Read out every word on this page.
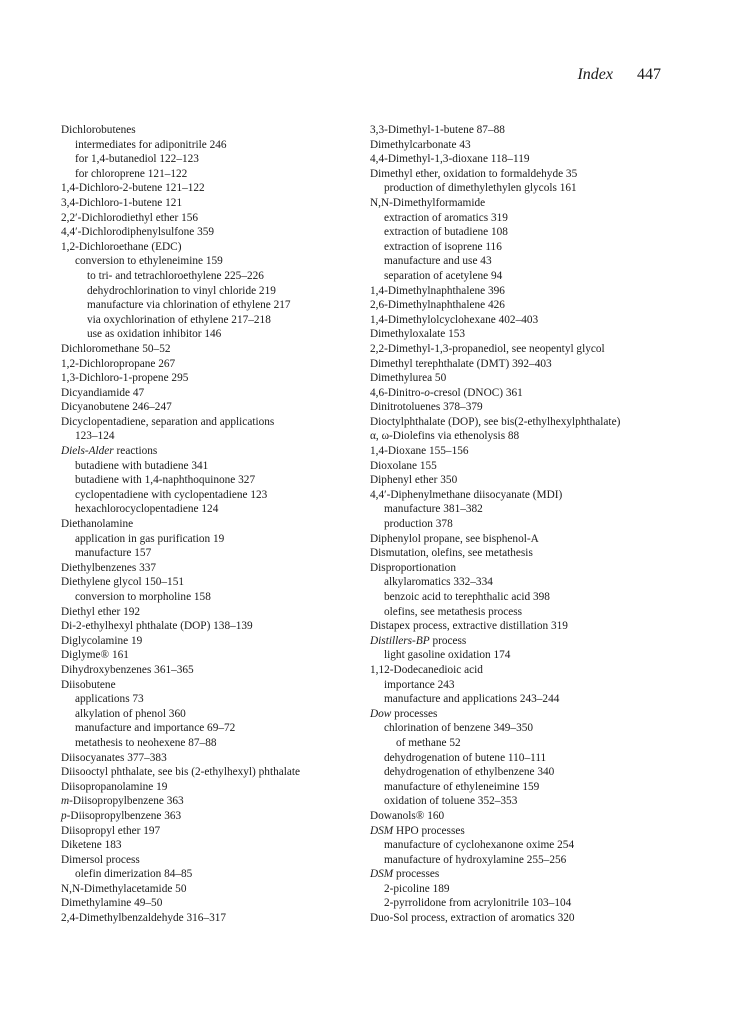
Index 447
Dichlorobutenes
intermediates for adiponitrile 246
for 1,4-butanediol 122–123
for chloroprene 121–122
1,4-Dichloro-2-butene 121–122
3,4-Dichloro-1-butene 121
2,2′-Dichlorodiethyl ether 156
4,4′-Dichlorodiphenylsulfone 359
1,2-Dichloroethane (EDC)
conversion to ethyleneimine 159
to tri- and tetrachloroethylene 225–226
dehydrochlorination to vinyl chloride 219
manufacture via chlorination of ethylene 217
via oxychlorination of ethylene 217–218
use as oxidation inhibitor 146
Dichloromethane 50–52
1,2-Dichloropropane 267
1,3-Dichloro-1-propene 295
Dicyandiamide 47
Dicyanobutene 246–247
Dicyclopentadiene, separation and applications
123–124
Diels-Alder reactions
butadiene with butadiene 341
butadiene with 1,4-naphthoquinone 327
cyclopentadiene with cyclopentadiene 123
hexachlorocyclopentadiene 124
Diethanolamine
application in gas purification 19
manufacture 157
Diethylbenzenes 337
Diethylene glycol 150–151
conversion to morpholine 158
Diethyl ether 192
Di-2-ethylhexyl phthalate (DOP) 138–139
Diglycolamine 19
Diglyme® 161
Dihydroxybenzenes 361–365
Diisobutene
applications 73
alkylation of phenol 360
manufacture and importance 69–72
metathesis to neohexene 87–88
Diisocyanates 377–383
Diisooctyl phthalate, see bis (2-ethylhexyl) phthalate
Diisopropanolamine 19
m-Diisopropylbenzene 363
p-Diisopropylbenzene 363
Diisopropyl ether 197
Diketene 183
Dimersol process
olefin dimerization 84–85
N,N-Dimethylacetamide 50
Dimethylamine 49–50
2,4-Dimethylbenzaldehyde 316–317
3,3-Dimethyl-1-butene 87–88
Dimethylcarbonate 43
4,4-Dimethyl-1,3-dioxane 118–119
Dimethyl ether, oxidation to formaldehyde 35
production of dimethylethylen glycols 161
N,N-Dimethylformamide
extraction of aromatics 319
extraction of butadiene 108
extraction of isoprene 116
manufacture and use 43
separation of acetylene 94
1,4-Dimethylnaphthalene 396
2,6-Dimethylnaphthalene 426
1,4-Dimethylolcyclohexane 402–403
Dimethyloxalate 153
2,2-Dimethyl-1,3-propanediol, see neopentyl glycol
Dimethyl terephthalate (DMT) 392–403
Dimethylurea 50
4,6-Dinitro-o-cresol (DNOC) 361
Dinitrotoluenes 378–379
Dioctylphthalate (DOP), see bis(2-ethylhexylphthalate)
α, ω-Diolefins via ethenolysis 88
1,4-Dioxane 155–156
Dioxolane 155
Diphenyl ether 350
4,4′-Diphenylmethane diisocyanate (MDI)
manufacture 381–382
production 378
Diphenylol propane, see bisphenol-A
Dismutation, olefins, see metathesis
Disproportionation
alkylaromatics 332–334
benzoic acid to terephthalic acid 398
olefins, see metathesis process
Distapex process, extractive distillation 319
Distillers-BP process
light gasoline oxidation 174
1,12-Dodecanedioic acid
importance 243
manufacture and applications 243–244
Dow processes
chlorination of benzene 349–350
of methane 52
dehydrogenation of butene 110–111
dehydrogenation of ethylbenzene 340
manufacture of ethyleneimine 159
oxidation of toluene 352–353
Dowanols® 160
DSM HPO processes
manufacture of cyclohexanone oxime 254
manufacture of hydroxylamine 255–256
DSM processes
2-picoline 189
2-pyrrolidone from acrylonitrile 103–104
Duo-Sol process, extraction of aromatics 320
